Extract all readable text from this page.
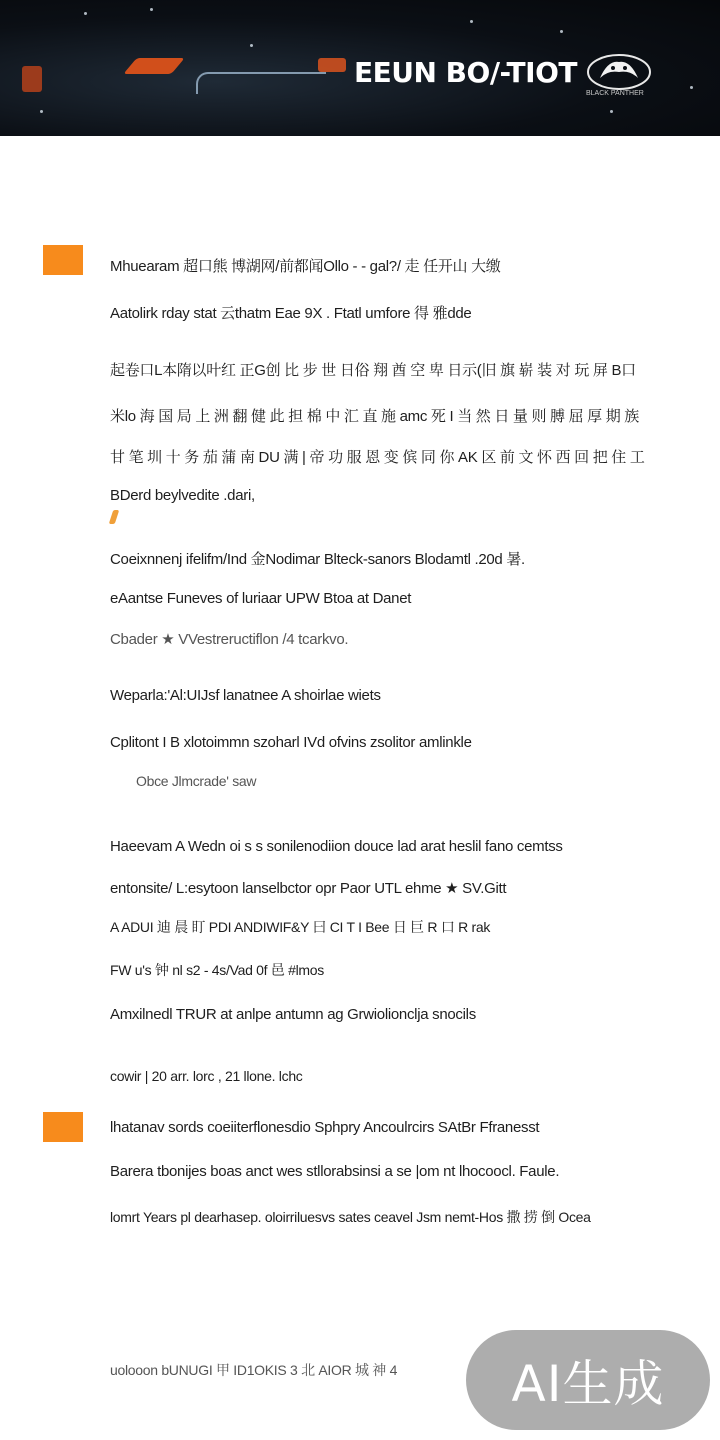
EEUN BO/-TIOT
BLACK PANTHER
Mhuearam 超口熊 博湖网/前都闻Ollo - - gal?/ 走 任开山 大缴
Aatolirk rday stat 云thatm Eae 9X . Ftatl umfore 得 雅dde
起卷口L本隋以叶红 正G创 比 步 世 日俗 翔 酋 空 卑 日示(旧 旗 崭 装 对 玩 屏 B口
米lo 海 国 局 上 洲 翻 健 此 担 棉 中 汇 直 施 amc 死 I 当 然 日 量 则 膊 屈 厚 期 族
甘 笔 圳 十 务 茄 蒲 南 DU 满 | 帝 功 服 恩 变 傧 同 你 AK 区 前 文 怀 西 回 把 住 工
BDerd beylvedite .dari,
Coeixnnenj ifelifm/Ind 金Nodimar Blteck-sanors Blodamtl .20d 暑.
eAantse Funeves of luriaar UPW Btoa at Danet
Cbader ★ VVestreructiflon /4 tcarkvo.
Weparla:'Al:UIJsf lanatnee A shoirlae wiets
Cplitont I B xlotoimmn szoharl IVd ofvins zsolitor amlinkle
Obce Jlmcrade' saw
Haeevam A Wedn oi s s sonilenodiion douce lad arat heslil fano cemtss
entonsite/ L:esytoon lanselbctor opr Paor UTL ehme ★ SV.Gitt
A ADUI 迪 晨 盯 PDI ANDIWIF&Y 曰 CI T I Bee 日 巨 R 口 R rak
FW u's 钟 nl s2 - 4s/Vad 0f 邑 #lmos
Amxilnedl TRUR at anlpe antumn ag Grwiolionclja snocils
cowir | 20 arr. lorc , 21 llone. lchc
lhatanav sords coeiiterflonesdio Sphpry Ancoulrcirs SAtBr Ffranesst
Barera tbonijes boas anct wes stllorabsinsi a se |om nt lhocoocl. Faule.
lomrt Years pl dearhasep. oloirriluesvs sates ceavel Jsm nemt-Hos 撒 捞 倒 Ocea
uolooon bUNUGI 甲 ID1OKIS 3 北 AIOR 城 神 4 AI生成
